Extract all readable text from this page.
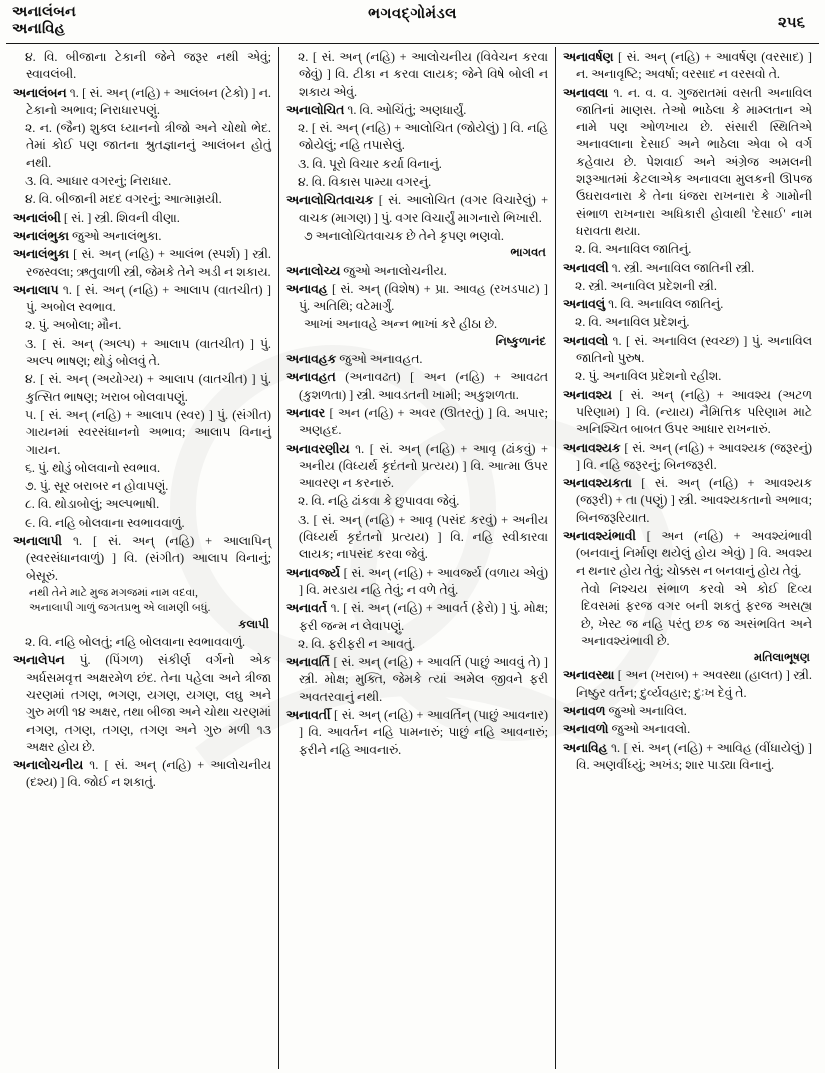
અનાલંબન
અનાવિહ
ભગવદ્ગોમંડલ
૨૫૬

૪. વિ. બીજાના ટેકાની જેને જરૂર નથી એવું; સ્વાવલંબી.

અનાલંબન ૧. [ સં. અન્ (નહિ) + આલંબન (ટેકો) ] ન. ટેકાનો અભાવ; નિરાધારપણું.

૨. ન. (જૈન) શુક્લ ધ્યાનનો ત્રીજો અને ચોથો ભેદ. તેમાં કોઈ પણ જાતના શ્રુતજ્ઞાનનું આલંબન હોતું નથી.

૩. વિ. આધાર વગરનું; નિરાધાર.

૪. વિ. બીજાની મદદ વગરનું; આત્મામ્રયી.

અનાલંબી [ સં. ] સ્ત્રી. શિવની વીણા.

અનાલંભુકા જુઓ અનાલંભુકા.

અનાલંભુકા [ સં. અન્ (નહિ) + આલંભ (સ્પર્શ) ] સ્ત્રી. રજસ્વલા; ઋતુવાળી સ્ત્રી, જેમકે તેને અડી ન શકાય.

અનાલાપ ૧. [ સં. અન્ (નહિ) + આલાપ (વાતચીત) ] પું. અબોલ સ્વભાવ.

૨. પું. અબોલા; મૌન.

૩. [ સં. અન્ (અલ્પ) + આલાપ (વાતચીત) ] પું. અલ્પ ભાષણ; થોડું બોલવું તે.

૪. [ સં. અન્ (અયોગ્ય) + આલાપ (વાતચીત) ] પું. કુત્સિત ભાષણ; ખરાબ બોલવાપણું.

૫. [ સં. અન્ (નહિ) + આલાપ (સ્વર) ] પું. (સંગીત) ગાયનમાં સ્વરસંધાનનો અભાવ; આલાપ વિનાનું ગાયન.

૬. પું. થોડું બોલવાનો સ્વભાવ.

૭. પું. સૂર બરાબર ન હોવાપણું.

૮. વિ. થોડાબોલું; અલ્પભાષી.

૯. વિ. નહિ બોલવાના સ્વભાવવાળું.

અનાલાપી ૧. [ સં. અન્ (નહિ) + આલાપિન્ (સ્વરસંધાનવાળું) ] વિ. (સંગીત) આલાપ વિનાનું; બેસૂરું.

નથી તેને માટે મુજ મગજમાં નામ વદવા,
અનાલાપી ગાળું જગતપ્રભુ એ લામણી બધું.

કલાપી

૨. વિ. નહિ બોલતું; નહિ બોલવાના સ્વભાવવાળું.

અનાલેપન પું. (પિંગળ) સંકીર્ણ વર્ગનો એક અર્ધસમવૃત્ત અક્ષરમેળ છંદ. તેના પહેલા અને ત્રીજા ચરણમાં તગણ, ભગણ, યગણ, યગણ, લઘુ અને ગુરુ મળી ૧૪ અક્ષર, તથા બીજા અને ચોથા ચરણમાં નગણ, તગણ, તગણ, તગણ અને ગુરુ મળી ૧૩ અક્ષર હોય છે.

અનાલોચનીય ૧. [ સં. અન્ (નહિ) + આલોચનીય (દશ્ય) ] વિ. જોઈ ન શકાતું.

૨. [ સં. અન્ (નહિ) + આલોચનીય (વિવેચન કરવા જેવું) ] વિ. ટીકા ન કરવા લાયક; જેને વિષે બોલી ન શકાય એવું.

અનાલોચિત ૧. વિ. ઓચિંતું; અણધાર્યું.

૨. [ સં. અન્ (નહિ) + આલોચિત (જોયેલું) ] વિ. નહિ જોયેલું; નહિ તપાસેલું.

૩. વિ. પૂરો વિચાર કર્યા વિનાનું.

૪. વિ. વિકાસ પામ્યા વગરનું.

અનાલોચિતવાચક [ સં. આલોચિત (વગર વિચારેલું) + વાચક (માગણ) ] પું. વગર વિચાર્યું માગનારો ભિખારી.

૭ અનાલોચિતવાચક છે તેને કૃપણ ભણવો.

ભાગવત

અનાલોચ્ય જુઓ અનાલોચનીય.

અનાવહ [ સં. અન્ (વિશેષ) + પ્રા. આવહ (રખડપાટ) ] પું. અતિથિ; વટેમાર્ગું.

આખાં અનાવહે અન્ન ભાખાં કરે હીઠા છે.

નિષ્કુળાનંદ

અનાવહક જુઓ અનાવહત.

અનાવહત (અનાવઢત) [ અન (નહિ) + આવઢત (કુશળતા) ] સ્ત્રી. આવડતની ખામી; અકુશળતા.

અનાવર [ અન (નહિ) + અવર (ઊતરતું) ] વિ. અપાર; અણહદ.

અનાવરણીય ૧. [ સં. અન્ (નહિ) + આવૃ (ઢાંકવું) + અનીય (વિધ્યર્થ કૃદંતનો પ્રત્યય) ] વિ. આત્મા ઉપર આવરણ ન કરનારું.

૨. વિ. નહિ ઢાંકવા કે છુપાવવા જેવું.

૩. [ સં. અન્ (નહિ) + આવૃ (પસંદ કરવું) + અનીય (વિધ્યર્થ કૃદંતનો પ્રત્યય) ] વિ. નહિ સ્વીકારવા લાયક; નાપસંદ કરવા જેવું.

અનાવર્જ્ય [ સં. અન્ (નહિ) + આવર્જ્ય (વળાય એવું) ] વિ. મરડાય નહિ તેવું; ન વળે તેવું.

અનાવર્ત ૧. [ સં. અન્ (નહિ) + આવર્ત (ફેરો) ] પું. મોક્ષ; ફરી જન્મ ન લેવાપણું.

૨. વિ. ફરીફરી ન આવતું.

અનાવર્તિ [ સં. અન્ (નહિ) + આવર્તિ (પાછું આવવું તે) ] સ્ત્રી. મોક્ષ; મુક્તિ, જેમકે ત્યાં અમેલ જીવને ફરી અવતરવાનું નથી.

અનાવર્તી [ સં. અન્ (નહિ) + આવર્તિન્ (પાછું આવનાર) ] વિ. આવર્તન નહિ પામનારું; પાછું નહિ આવનારું; ફરીને નહિ આવનારું.

અનાવર્ષણ [ સં. અન્ (નહિ) + આવર્ષણ (વરસાદ) ] ન. અનાવૃષ્ટિ; અવર્ષા; વરસાદ ન વરસવો તે.

અનાવલા ૧. ન. વ. વ. ગુજરાતમાં વસતી અનાવિલ જાતિનાં માણસ. તેઓ ભાઠેલા કે મામ્લતાન એ નામે પણ ઓળખાય છે. સંસારી સ્થિતિએ અનાવલાના દેસાઈ અને ભાઠેલા એવા બે વર્ગ કહેવાય છે. પેશવાઈ અને અંગ્રેજ અમલની શરૂઆતમાં કેટલાએક અનાવલા મુલકની ઊપજ ઉઘરાવનારા કે તેના ધંજરા રાખનારા કે ગામોની સંભાળ રાખનારા અધિકારી હોવાથી 'દેસાઈ' નામ ધરાવતા થયા.

૨. વિ. અનાવિલ જાતિનું.

અનાવલી ૧. સ્ત્રી. અનાવિલ જાતિની સ્ત્રી.

૨. સ્ત્રી. અનાવિલ પ્રદેશની સ્ત્રી.

અનાવલું ૧. વિ. અનાવિલ જાતિનું.

૨. વિ. અનાવિલ પ્રદેશનું.

અનાવલો ૧. [ સં. અનાવિલ (સ્વચ્છ) ] પું. અનાવિલ જાતિનો પુરુષ.

૨. પું. અનાવિલ પ્રદેશનો રહીશ.

અનાવશ્ય [ સં. અન્ (નહિ) + આવશ્ય (અટળ પરિણામ) ] વિ. (ન્યાય) નૈમિત્તિક પરિણામ માટે અનિશ્ચિત બાબત ઉપર આધાર રાખનારું.

અનાવશ્યક [ સં. અન્ (નહિ) + આવશ્યક (જરૂરનું) ] વિ. નહિ જરૂરનું; બિનજરૂરી.

અનાવશ્યકતા [ સં. અન્ (નહિ) + આવશ્યક (જરૂરી) + તા (પણું) ] સ્ત્રી. આવશ્યકતાનો અભાવ; બિનજરૂરિયાત.

અનાવશ્યંભાવી [ અન (નહિ) + અવશ્યંભાવી (બનવાનું નિર્માણ થયેલું હોય એવું) ] વિ. અવશ્ય ન થનાર હોય તેવું; ચોક્કસ ન બનવાનું હોય તેવું.

તેવો નિશ્ચય સંભાળ કરવો એ કોઈ દિવ્ય દિવસમાં ફરજ વગર બની શકતું ફરજ અસહ્ય છે, ખેસ્ટ જ નહિ પરંતુ છક જ અસંભવિત અને અનાવશ્યંભાવી છે.

મતિલાભૂષણ

અનાવસ્થા [ અન (ખરાબ) + અવસ્થા (હાલત) ] સ્ત્રી. નિષ્ઠુર વર્તન; દુર્વ્યવહાર; દુઃખ દેવું તે.

અનાવળ જુઓ અનાવિલ.

અનાવળો જુઓ અનાવલો.

અનાવિહ ૧. [ સં. અન્ (નહિ) + આવિહ (વીંધાયેલું) ] વિ. અણવીંધ્યું; અખંડ; શાર પાડ્યા વિનાનું.
